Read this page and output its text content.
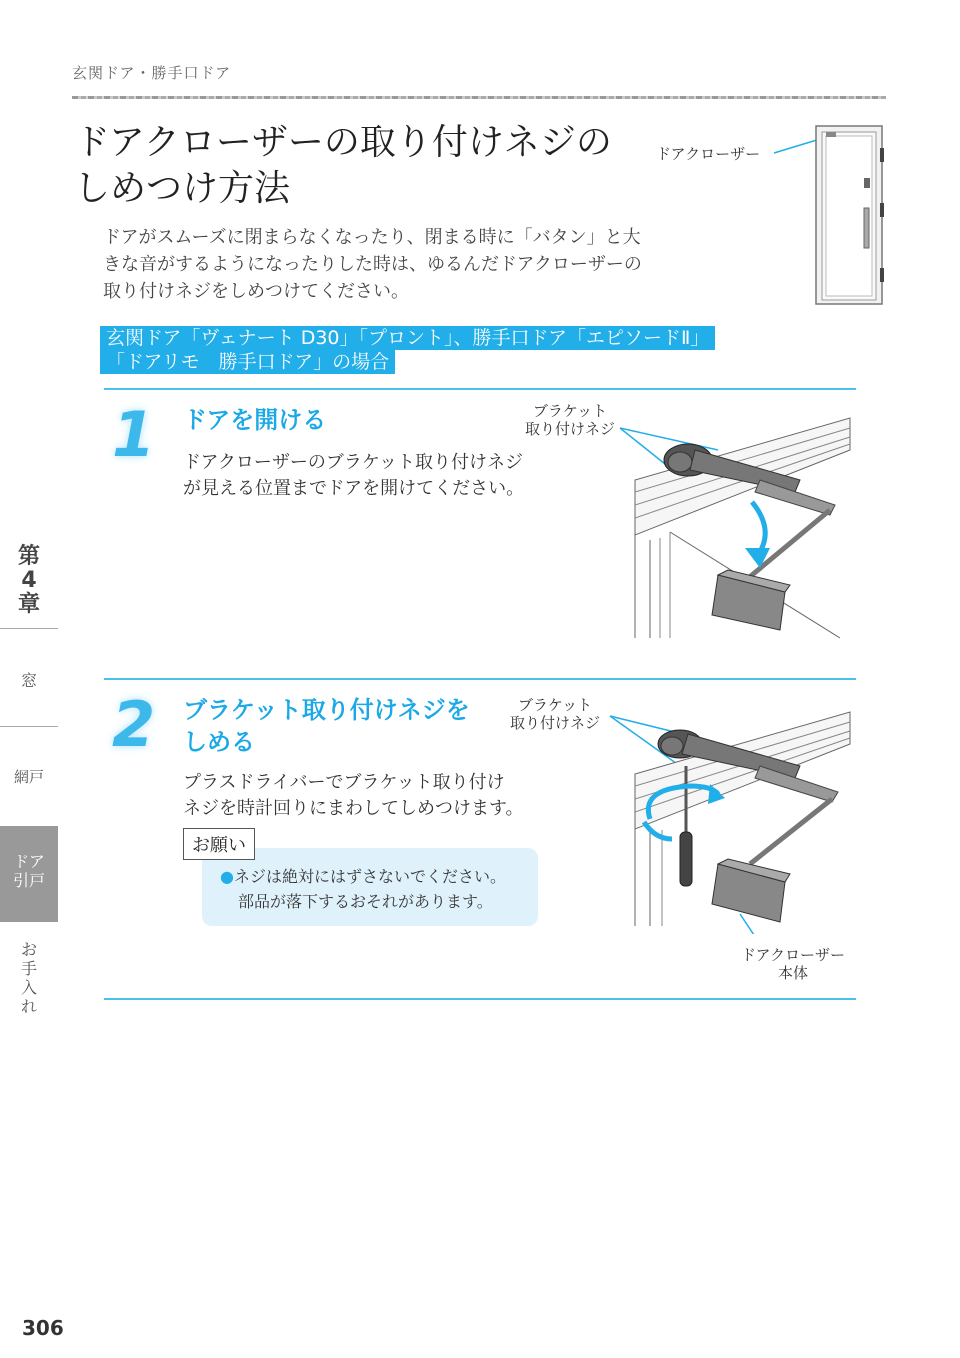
玄関ドア・勝手口ドア
ドアクローザーの取り付けネジの
しめつけ方法
ドアがスムーズに閉まらなくなったり、閉まる時に「バタン」と大
きな音がするようになったりした時は、ゆるんだドアクローザーの
取り付けネジをしめつけてください。
ドアクローザー
玄関ドア「ヴェナート D30」「プロント」、勝手口ドア「エピソードⅡ」
「ドアリモ　勝手口ドア」の場合
1 ドアを開ける
ドアクローザーのブラケット取り付けネジ
が見える位置までドアを開けてください。
ブラケット
取り付けネジ
2 ブラケット取り付けネジを
しめる
プラスドライバーでブラケット取り付け
ネジを時計回りにまわしてしめつけます。
ブラケット
取り付けネジ
ドアクローザー
本体
お願い
●ネジは絶対にはずさないでください。
部品が落下するおそれがあります。
第
4
章
窓
網戸
ドア
引戸
お
手
入
れ
306
